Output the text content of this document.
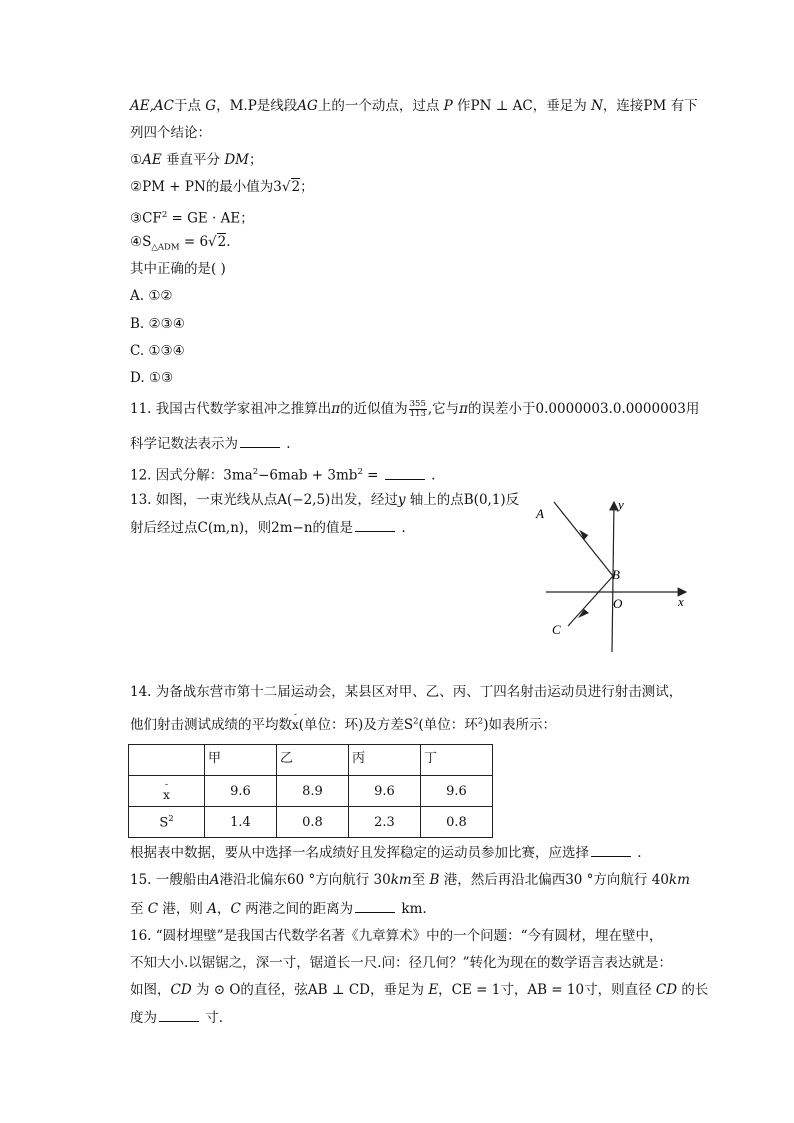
AE,AC于点 G，M.P是线段AG上的一个动点，过点 P 作PN ⊥ AC，垂足为 N，连接PM 有下
列四个结论：
①AE 垂直平分 DM；
②PM + PN的最小值为3√2；
$③CF^2$ = GE · AE；
$④S_{\triangle ADM} = 6√2$.
其中正确的是( )
A. ①②
B. ②③④
C. ①③④
D. ①③
11. 我国古代数学家祖冲之推算出π的近似值为 $\frac{355}{113}$ ,它与π的误差小于0.0000003.0.0000003用
科学记数法表示为	.
12. 因式分解：$3ma^2-6mab + 3mb^2$ =	.
13. 如图，一束光线从点A(−2,5)出发，经过y 轴上的点B(0,1)反
射后经过点C(m,n)，则2m−n的值是	.
A
B
O
C
x
y
14. 为备战东营市第十二届运动会，某县区对甲、乙、丙、丁四名射击运动员进行射击测试，
他们射击测试成绩的平均数
-
x(单位：环)及方差$S^2$(单位：环$^2$)如表所示：
	甲	乙	丙	丁

-
x	9.6	8.9	9.6	9.6
$S^2$	1.4	0.8	2.3	0.8
根据表中数据，要从中选择一名成绩好且发挥稳定的运动员参加比赛，应选择	.
15. 一艘船由A港沿北偏东60 °方向航行 30km至 B 港，然后再沿北偏西30 °方向航行 40km
至 C 港，则 A，C 两港之间的距离为	km.
16. “圆材埋壁”是我国古代数学名著《九章算术》中的一个问题：“今有圆材，埋在壁中，
不知大小.以锯锯之，深一寸，锯道长一尺.问：径几何？”转化为现在的数学语言表达就是：
如图，CD 为 ⊙ O的直径，弦AB ⊥ CD，垂足为 E，CE = 1寸，AB = 10寸，则直径 CD 的长
度为	寸.
